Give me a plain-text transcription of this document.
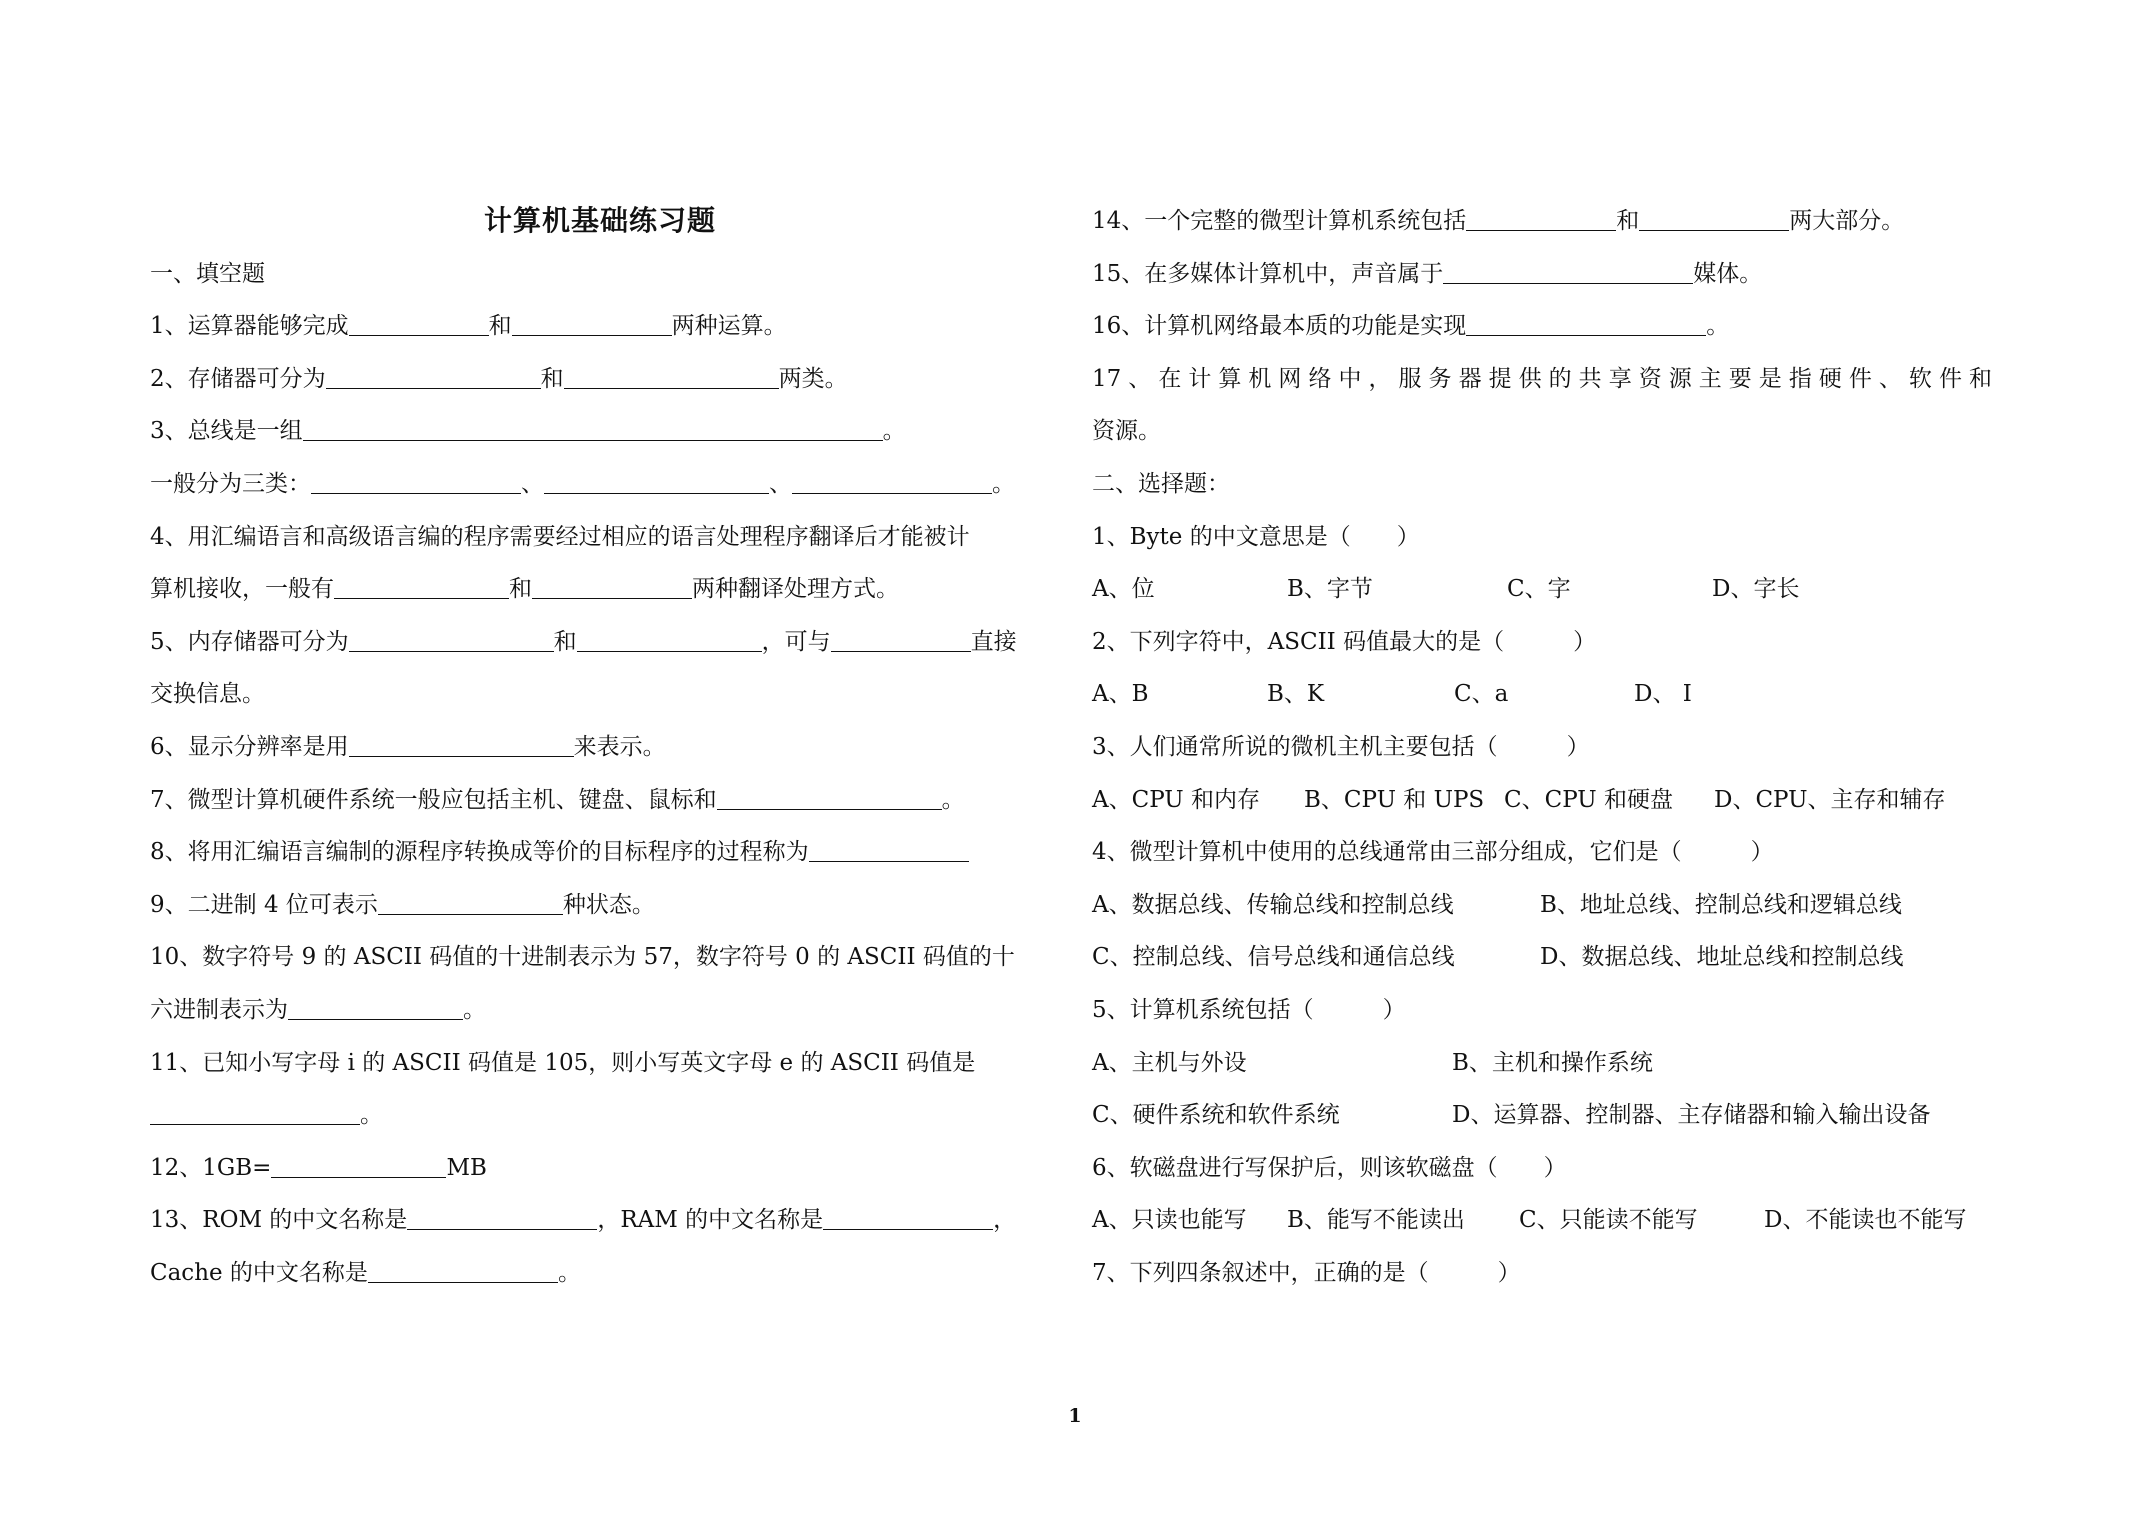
计算机基础练习题
一、填空题
1、运算器能够完成	和	两种运算。
2、存储器可分为	和	两类。
3、总线是一组	。
一般分为三类：	、	、	。
4、用汇编语言和高级语言编的程序需要经过相应的语言处理程序翻译后才能被计
算机接收，一般有	和	两种翻译处理方式。
5、内存储器可分为	和	，可与	直接
交换信息。
6、显示分辨率是用	来表示。
7、微型计算机硬件系统一般应包括主机、键盘、鼠标和	。
8、将用汇编语言编制的源程序转换成等价的目标程序的过程称为
9、二进制 4 位可表示	种状态。
10、数字符号 9 的 ASCII 码值的十进制表示为 57，数字符号 0 的 ASCII 码值的十
六进制表示为	。
11、已知小写字母 i 的 ASCII 码值是 105，则小写英文字母 e 的 ASCII 码值是
。
12、1GB=	MB
13、ROM 的中文名称是	，RAM 的中文名称是	，
Cache 的中文名称是	。
14、一个完整的微型计算机系统包括	和	两大部分。
15、在多媒体计算机中，声音属于	媒体。
16、计算机网络最本质的功能是实现	。
17、在计算机网络中，服务器提供的共享资源主要是指硬件、软件和
资源。
二、选择题：
1、Byte 的中文意思是（　　）
A、位	B、字节	C、字	D、字长
2、下列字符中，ASCII 码值最大的是（　　　）
A、B	B、K	C、a	D、 I
3、人们通常所说的微机主机主要包括（　　　）
A、CPU 和内存 B、CPU 和 UPS C、CPU 和硬盘 D、CPU、主存和辅存
4、微型计算机中使用的总线通常由三部分组成，它们是（　　　）
A、数据总线、传输总线和控制总线	B、地址总线、控制总线和逻辑总线
C、控制总线、信号总线和通信总线	D、数据总线、地址总线和控制总线
5、计算机系统包括（　　　）
A、主机与外设	B、主机和操作系统
C、硬件系统和软件系统	D、运算器、控制器、主存储器和输入输出设备
6、软磁盘进行写保护后，则该软磁盘（　　）
A、只读也能写 B、能写不能读出 C、只能读不能写	D、不能读也不能写
7、下列四条叙述中，正确的是（　　　）
1
